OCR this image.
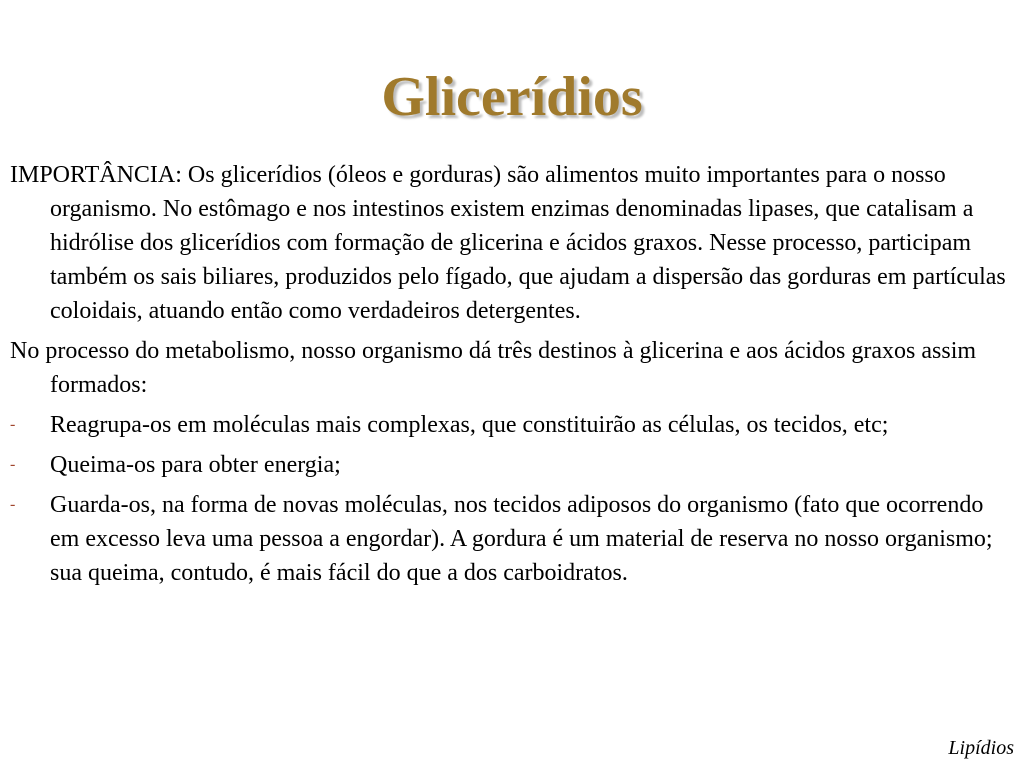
Glicerídios

IMPORTÂNCIA: Os glicerídios (óleos e gorduras) são alimentos muito importantes para o nosso organismo. No estômago e nos intestinos existem enzimas denominadas lipases, que catalisam a hidrólise dos glicerídios com formação de glicerina e ácidos graxos. Nesse processo, participam também os sais biliares, produzidos pelo fígado, que ajudam a dispersão das gorduras em partículas coloidais, atuando então como verdadeiros detergentes.

No processo do metabolismo, nosso organismo dá três destinos à glicerina e aos ácidos graxos assim formados:

- Reagrupa-os em moléculas mais complexas, que constituirão as células, os tecidos, etc;
- Queima-os para obter energia;
- Guarda-os, na forma de novas moléculas, nos tecidos adiposos do organismo (fato que ocorrendo em excesso leva uma pessoa a engordar). A gordura é um material de reserva no nosso organismo; sua queima, contudo, é mais fácil do que a dos carboidratos.
Lipídios
